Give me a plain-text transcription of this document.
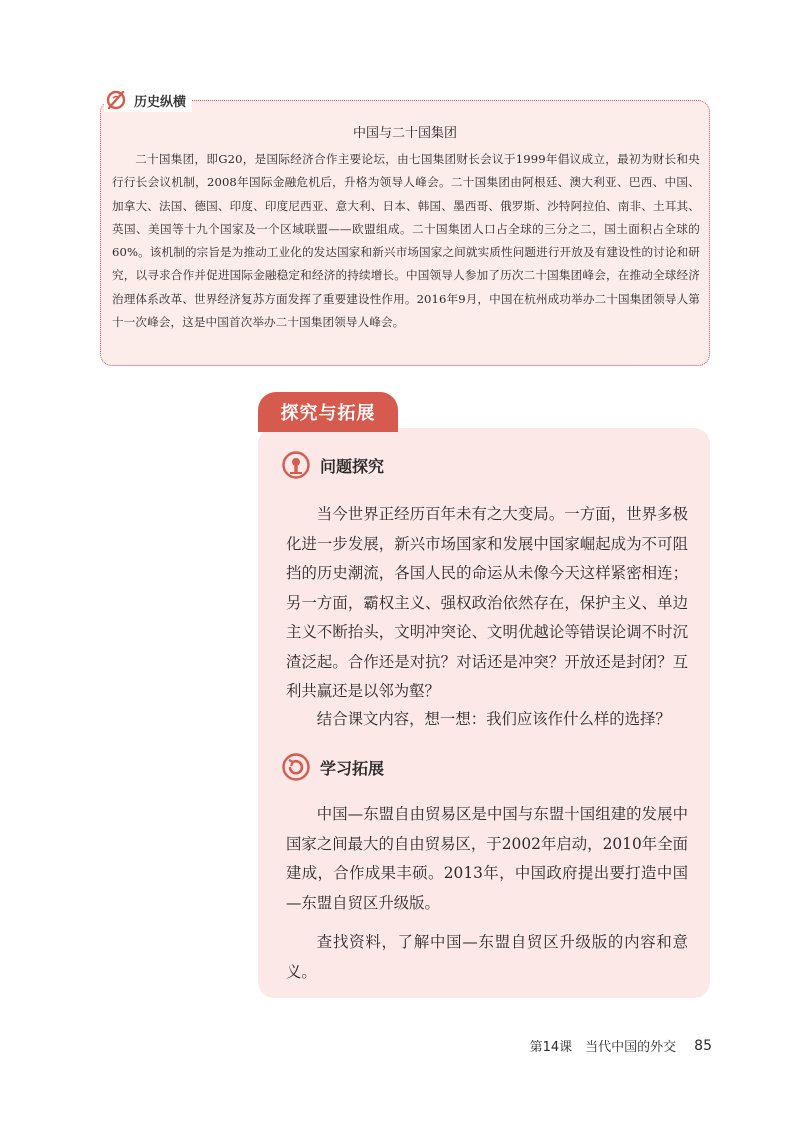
历史纵横
中国与二十国集团
二十国集团，即G20，是国际经济合作主要论坛，由七国集团财长会议于1999年倡议成立，最初为财长和央行行长会议机制，2008年国际金融危机后，升格为领导人峰会。二十国集团由阿根廷、澳大利亚、巴西、中国、加拿大、法国、德国、印度、印度尼西亚、意大利、日本、韩国、墨西哥、俄罗斯、沙特阿拉伯、南非、土耳其、英国、美国等十九个国家及一个区域联盟——欧盟组成。二十国集团人口占全球的三分之二，国土面积占全球的60%。该机制的宗旨是为推动工业化的发达国家和新兴市场国家之间就实质性问题进行开放及有建设性的讨论和研究，以寻求合作并促进国际金融稳定和经济的持续增长。中国领导人参加了历次二十国集团峰会，在推动全球经济治理体系改革、世界经济复苏方面发挥了重要建设性作用。2016年9月，中国在杭州成功举办二十国集团领导人第十一次峰会，这是中国首次举办二十国集团领导人峰会。
探究与拓展
问题探究
当今世界正经历百年未有之大变局。一方面，世界多极化进一步发展，新兴市场国家和发展中国家崛起成为不可阻挡的历史潮流，各国人民的命运从未像今天这样紧密相连；另一方面，霸权主义、强权政治依然存在，保护主义、单边主义不断抬头，文明冲突论、文明优越论等错误论调不时沉渣泛起。合作还是对抗？对话还是冲突？开放还是封闭？互利共赢还是以邻为壑？
结合课文内容，想一想：我们应该作什么样的选择？
学习拓展
中国—东盟自由贸易区是中国与东盟十国组建的发展中国家之间最大的自由贸易区，于2002年启动，2010年全面建成，合作成果丰硕。2013年，中国政府提出要打造中国—东盟自贸区升级版。
查找资料，了解中国—东盟自贸区升级版的内容和意义。
第14课　当代中国的外交 85
